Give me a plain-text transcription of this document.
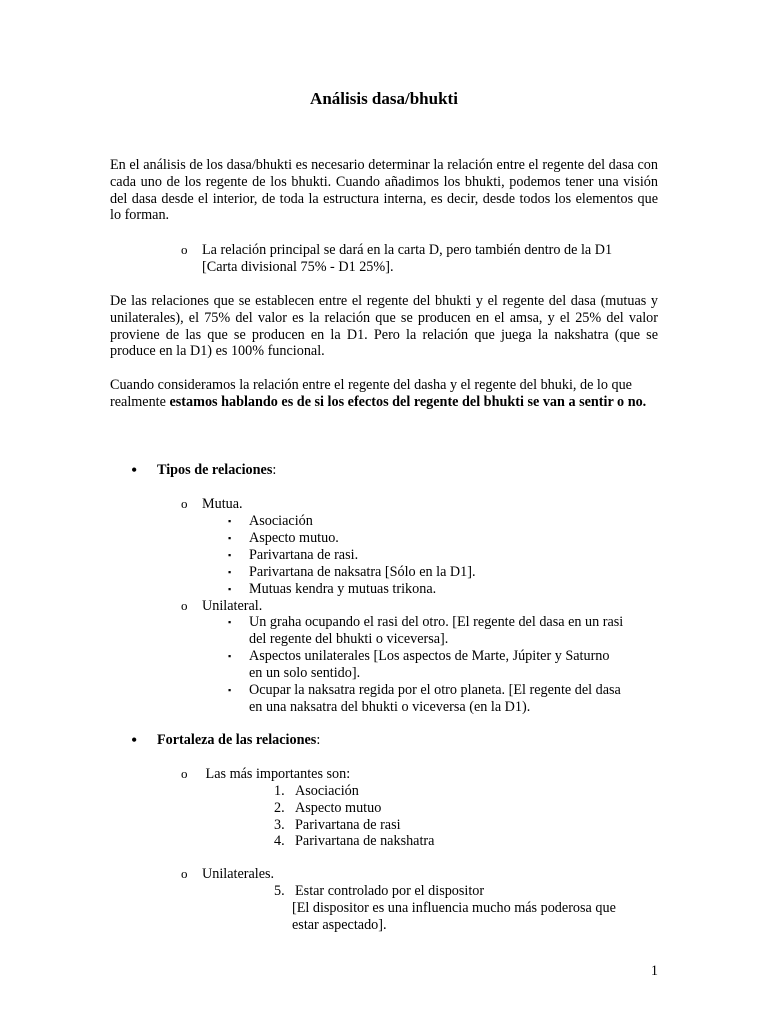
Análisis dasa/bhukti

En el análisis de los dasa/bhukti es necesario determinar la relación entre el regente del dasa con cada uno de los regente de los bhukti. Cuando añadimos los bhukti, podemos tener una visión del dasa desde el interior, de toda la estructura interna, es decir, desde todos los elementos que lo forman.

o La relación principal se dará en la carta D, pero también dentro de la D1
[Carta divisional 75% - D1 25%].

De las relaciones que se establecen entre el regente del bhukti y el regente del dasa (mutuas y unilaterales), el 75% del valor es la relación que se producen en el amsa, y el 25% del valor proviene de las que se producen en la D1. Pero la relación que juega la nakshatra (que se produce en la D1) es 100% funcional.

Cuando consideramos la relación entre el regente del dasha y el regente del bhuki, de lo que realmente estamos hablando es de si los efectos del regente del bhukti se van a sentir o no.

• Tipos de relaciones:
o Mutua.
▪ Asociación
▪ Aspecto mutuo.
▪ Parivartana de rasi.
▪ Parivartana de naksatra [Sólo en la D1].
▪ Mutuas kendra y mutuas trikona.
o Unilateral.
▪ Un graha ocupando el rasi del otro. [El regente del dasa en un rasi
del regente del bhukti o viceversa].
▪ Aspectos unilaterales [Los aspectos de Marte, Júpiter y Saturno
en un solo sentido].
▪ Ocupar la naksatra regida por el otro planeta. [El regente del dasa
en una naksatra del bhukti o viceversa (en la D1).
• Fortaleza de las relaciones:
o Las más importantes son:
1. Asociación
2. Aspecto mutuo
3. Parivartana de rasi
4. Parivartana de nakshatra
o Unilaterales.
5. Estar controlado por el dispositor
[El dispositor es una influencia mucho más poderosa que
estar aspectado].
1
